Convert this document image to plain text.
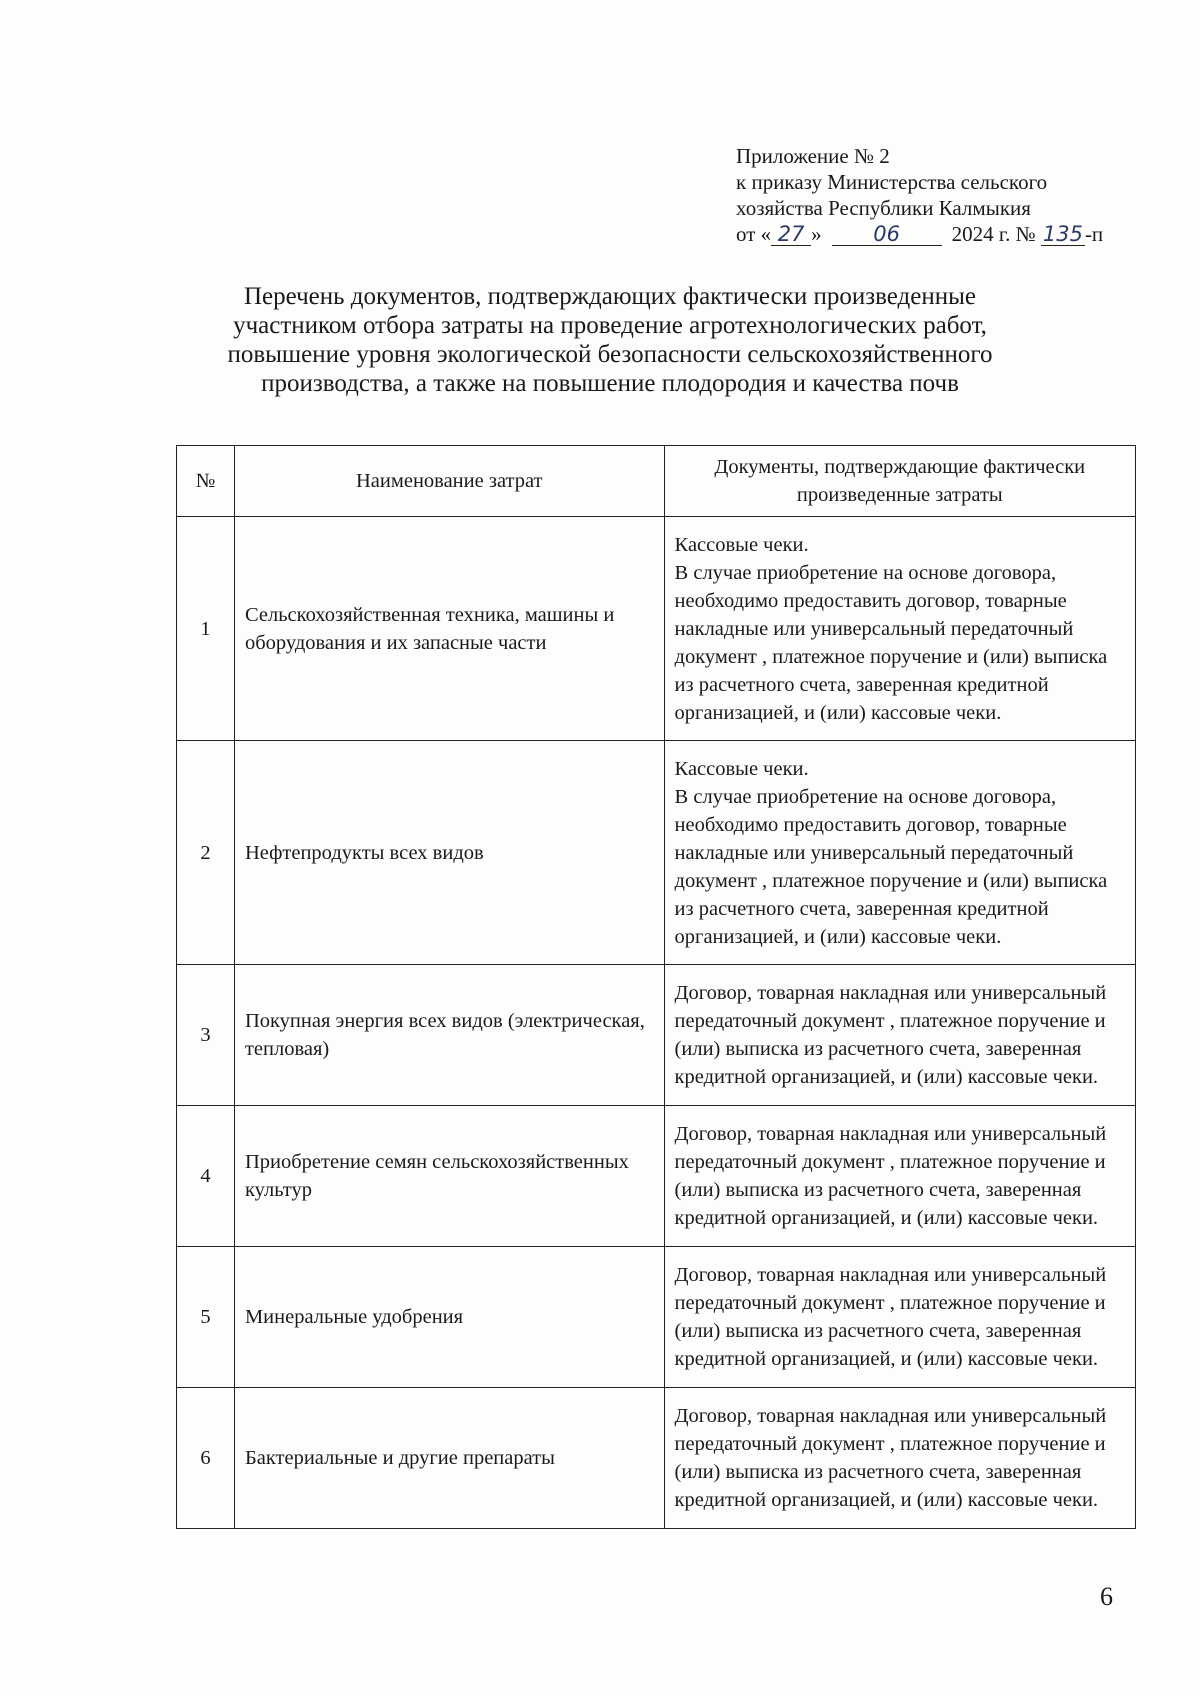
Приложение № 2
к приказу Министерства сельского
хозяйства Республики Калмыкия
от « 27 »	06	2024 г. №
135 -п
Перечень документов, подтверждающих фактически произведенные
участником отбора затраты на проведение агротехнологических работ,
повышение уровня экологической безопасности сельскохозяйственного
производства, а также на повышение плодородия и качества почв
№	Наименование затрат	Документы, подтверждающие фактически произведенные затраты
1	Сельскохозяйственная техника, машины и оборудования и их запасные части	Кассовые чеки.
В случае приобретение на основе договора, необходимо предоставить договор, товарные накладные или универсальный передаточный документ , платежное поручение и (или) выписка из расчетного счета, заверенная кредитной организацией, и (или) кассовые чеки.

2	Нефтепродукты всех видов	Кассовые чеки.
В случае приобретение на основе договора, необходимо предоставить договор, товарные накладные или универсальный передаточный документ , платежное поручение и (или) выписка из расчетного счета, заверенная кредитной организацией, и (или) кассовые чеки.

3	Покупная энергия всех видов (электрическая, тепловая)	Договор, товарная накладная или универсальный передаточный документ , платежное поручение и (или) выписка из расчетного счета, заверенная кредитной организацией, и (или) кассовые чеки.
4	Приобретение семян сельскохозяйственных культур	Договор, товарная накладная или универсальный передаточный документ , платежное поручение и (или) выписка из расчетного счета, заверенная кредитной организацией, и (или) кассовые чеки.
5	Минеральные удобрения	Договор, товарная накладная или универсальный передаточный документ , платежное поручение и (или) выписка из расчетного счета, заверенная кредитной организацией, и (или) кассовые чеки.
6	Бактериальные и другие препараты	Договор, товарная накладная или универсальный передаточный документ , платежное поручение и (или) выписка из расчетного счета, заверенная кредитной организацией, и (или) кассовые чеки.
6
